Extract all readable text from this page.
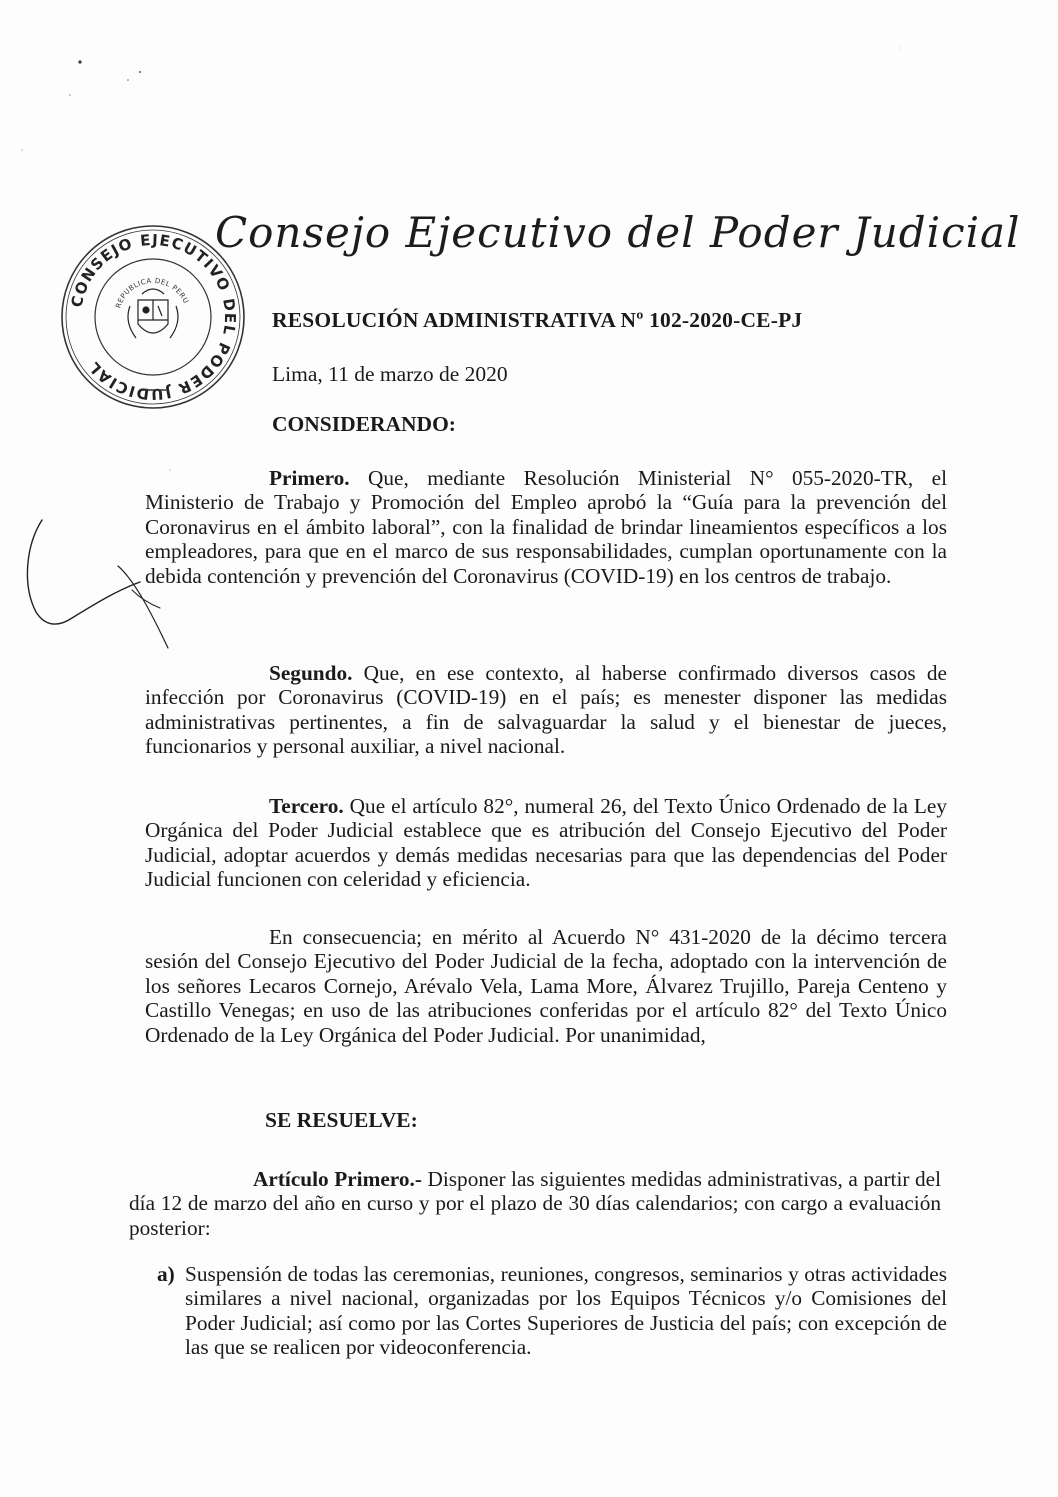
Consejo Ejecutivo del Poder Judicial
CONSEJO EJECUTIVO DEL PODER JUDICIAL
REPUBLICA DEL PERU
RESOLUCIÓN ADMINISTRATIVA Nº 102-2020-CE-PJ
Lima, 11 de marzo de 2020
CONSIDERANDO:
Primero. Que, mediante Resolución Ministerial N° 055-2020-TR, el Ministerio de Trabajo y Promoción del Empleo aprobó la “Guía para la prevención del Coronavirus en el ámbito laboral”, con la finalidad de brindar lineamientos específicos a los empleadores, para que en el marco de sus responsabilidades, cumplan oportunamente con la debida contención y prevención del Coronavirus (COVID-19) en los centros de trabajo.
Segundo. Que, en ese contexto, al haberse confirmado diversos casos de infección por Coronavirus (COVID-19) en el país; es menester disponer las medidas administrativas pertinentes, a fin de salvaguardar la salud y el bienestar de jueces, funcionarios y personal auxiliar, a nivel nacional.
Tercero. Que el artículo 82°, numeral 26, del Texto Único Ordenado de la Ley Orgánica del Poder Judicial establece que es atribución del Consejo Ejecutivo del Poder Judicial, adoptar acuerdos y demás medidas necesarias para que las dependencias del Poder Judicial funcionen con celeridad y eficiencia.
En consecuencia; en mérito al Acuerdo N° 431-2020 de la décimo tercera sesión del Consejo Ejecutivo del Poder Judicial de la fecha, adoptado con la intervención de los señores Lecaros Cornejo, Arévalo Vela, Lama More, Álvarez Trujillo, Pareja Centeno y Castillo Venegas; en uso de las atribuciones conferidas por el artículo 82° del Texto Único Ordenado de la Ley Orgánica del Poder Judicial. Por unanimidad,
SE RESUELVE:
Artículo Primero.- Disponer las siguientes medidas administrativas, a partir del día 12 de marzo del año en curso y por el plazo de 30 días calendarios; con cargo a evaluación posterior:
a) Suspensión de todas las ceremonias, reuniones, congresos, seminarios y otras actividades similares a nivel nacional, organizadas por los Equipos Técnicos y/o Comisiones del Poder Judicial; así como por las Cortes Superiores de Justicia del país; con excepción de las que se realicen por videoconferencia.
